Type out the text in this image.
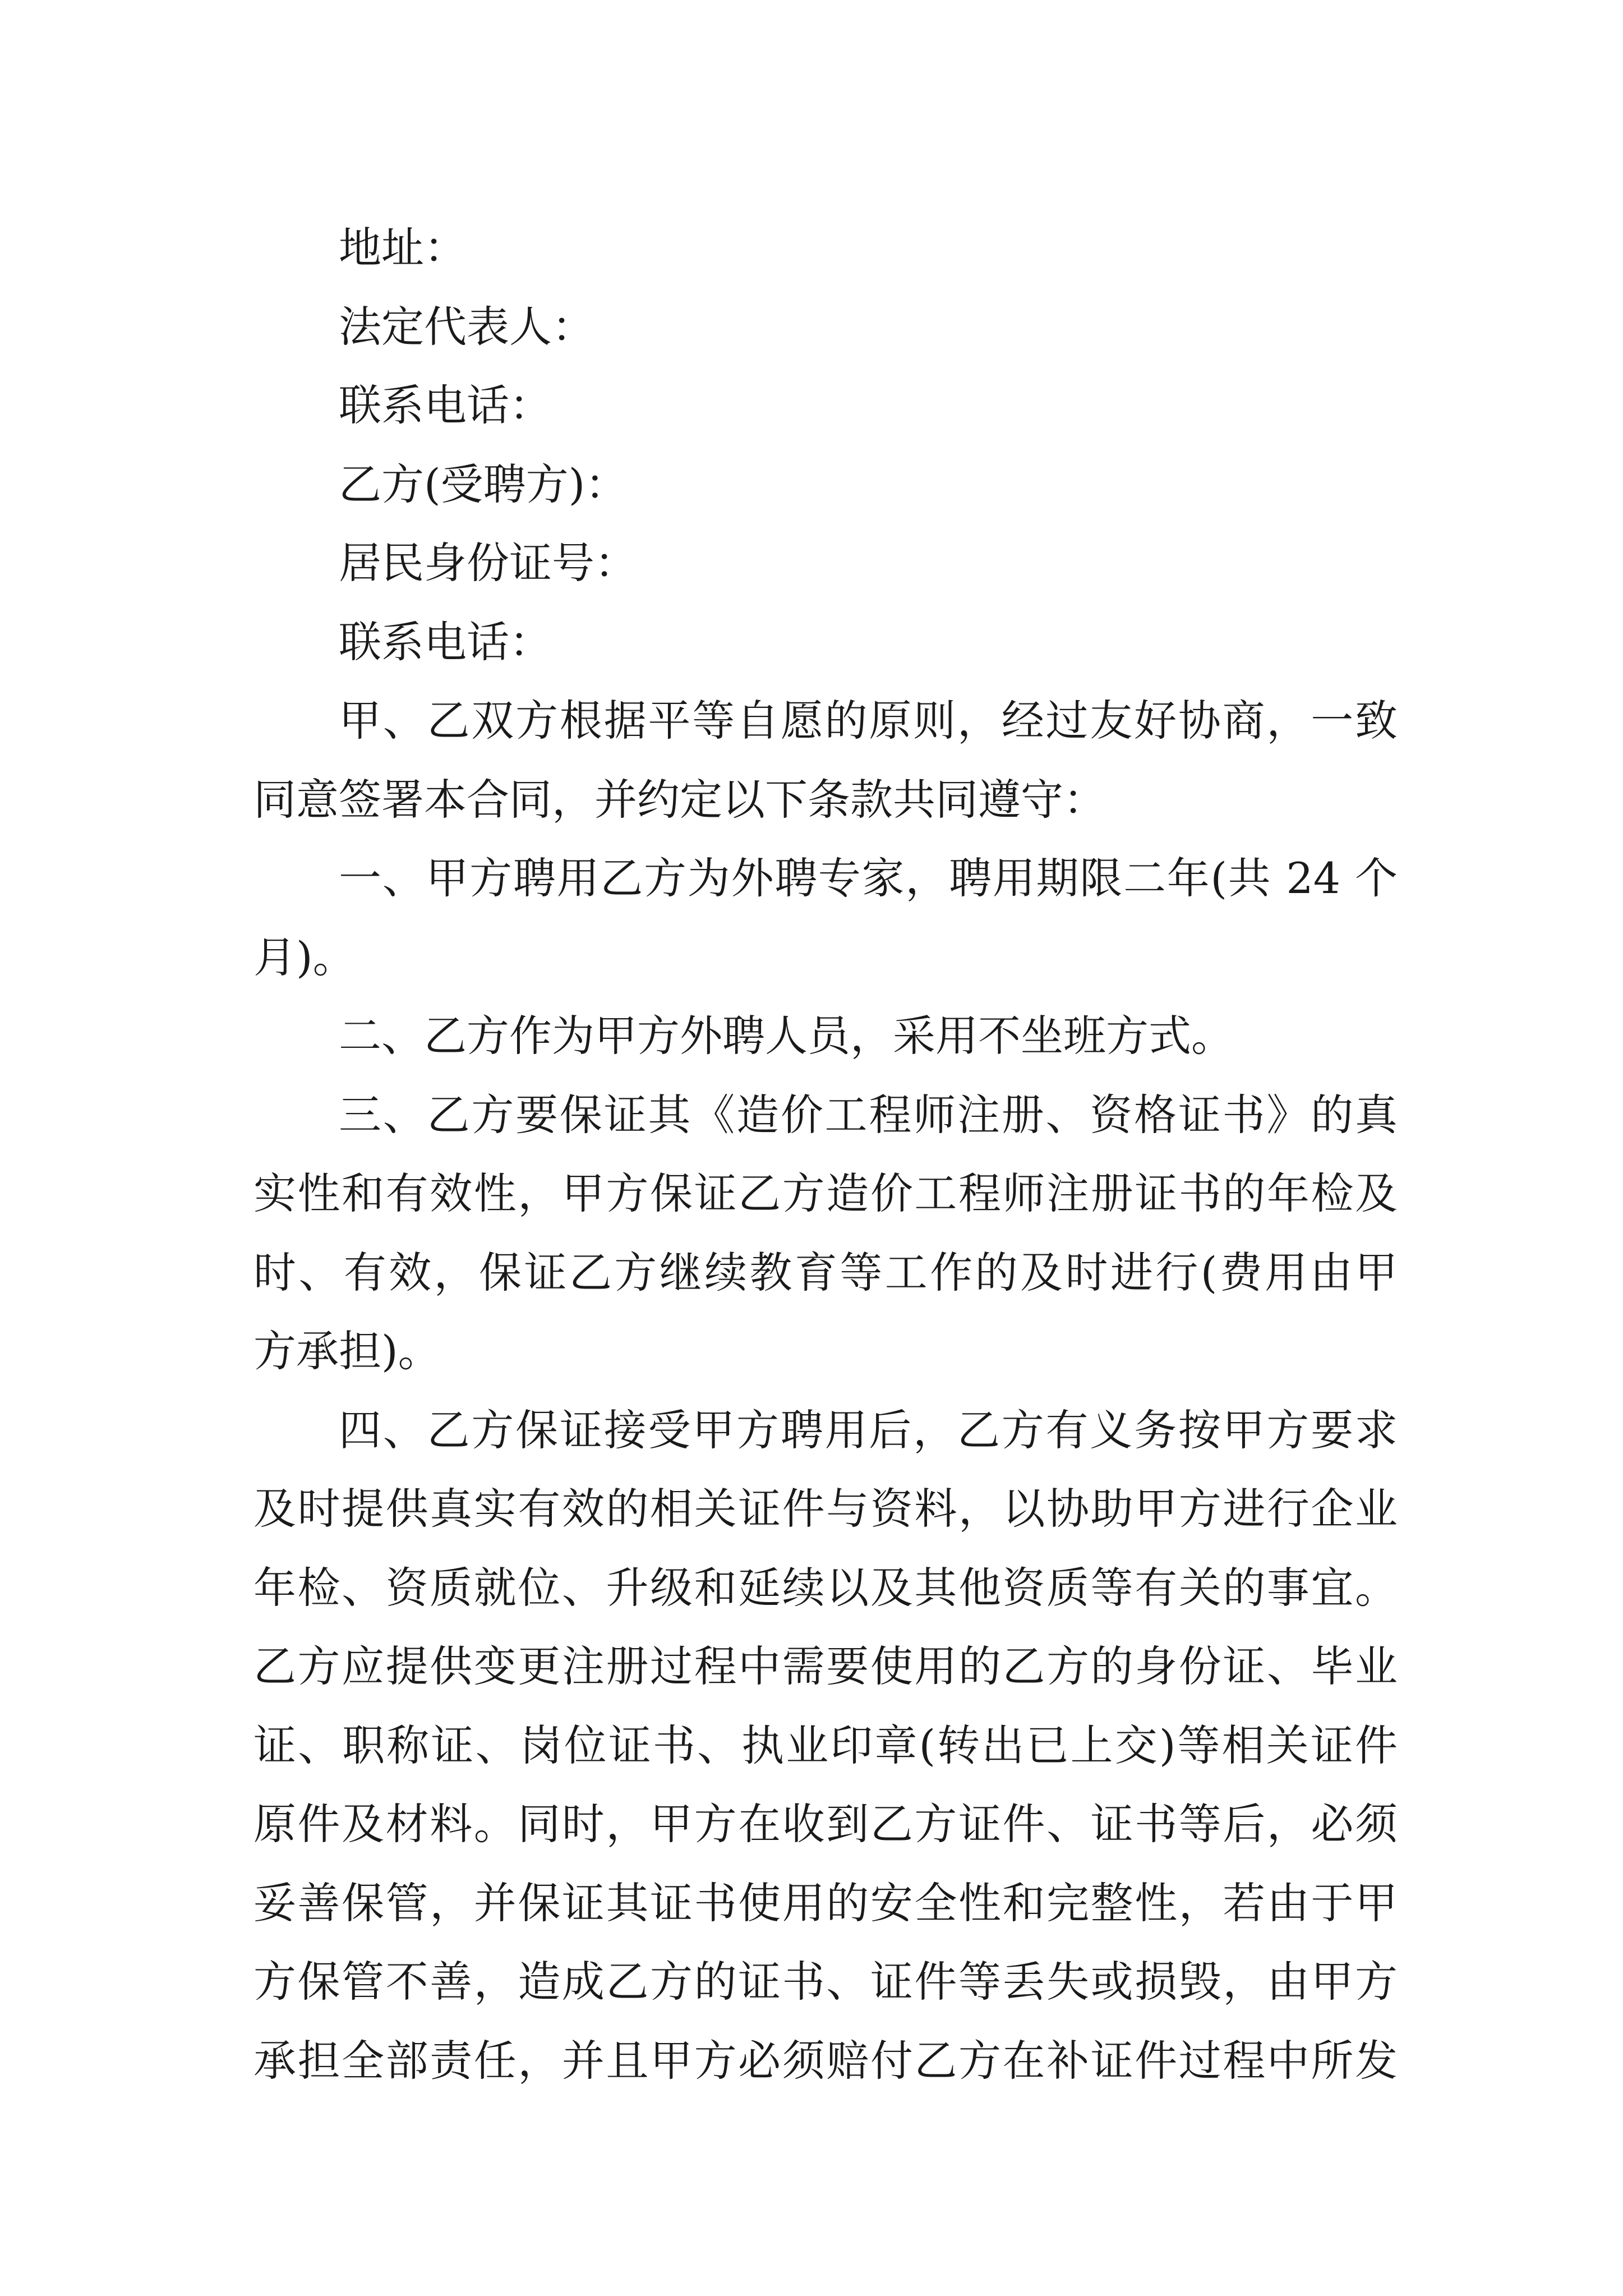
地址：

法定代表人：

联系电话：

乙方(受聘方)：

居民身份证号：

联系电话：

甲、乙双方根据平等自愿的原则，经过友好协商，一致

同意签署本合同，并约定以下条款共同遵守：

一、甲方聘用乙方为外聘专家，聘用期限二年(共 24 个

月)。

二、乙方作为甲方外聘人员，采用不坐班方式。

三、乙方要保证其《造价工程师注册、资格证书》的真

实性和有效性，甲方保证乙方造价工程师注册证书的年检及

时、有效，保证乙方继续教育等工作的及时进行(费用由甲

方承担)。

四、乙方保证接受甲方聘用后，乙方有义务按甲方要求

及时提供真实有效的相关证件与资料，以协助甲方进行企业

年检、资质就位、升级和延续以及其他资质等有关的事宜。

乙方应提供变更注册过程中需要使用的乙方的身份证、毕业

证、职称证、岗位证书、执业印章(转出已上交)等相关证件

原件及材料。同时，甲方在收到乙方证件、证书等后，必须

妥善保管，并保证其证书使用的安全性和完整性，若由于甲

方保管不善，造成乙方的证书、证件等丢失或损毁，由甲方

承担全部责任，并且甲方必须赔付乙方在补证件过程中所发
